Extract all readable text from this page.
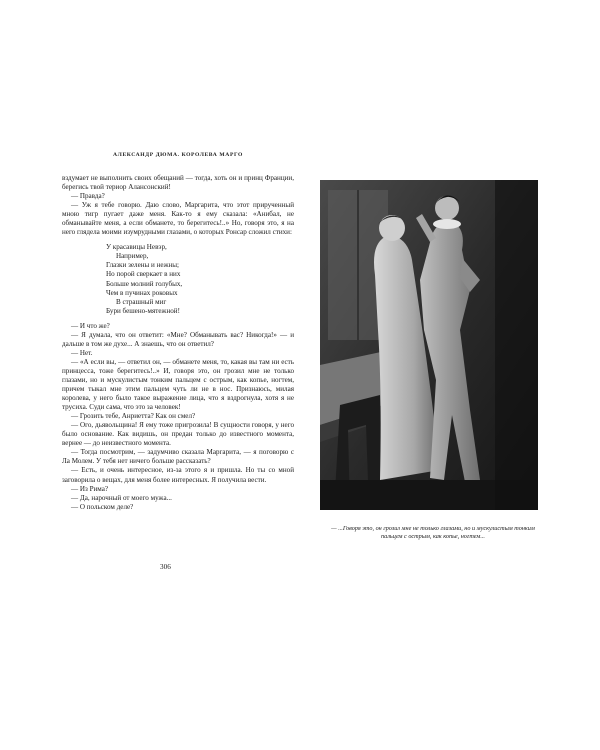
АЛЕКСАНДР ДЮМА. КОРОЛЕВА МАРГО

вздумает не выполнить своих обещаний — тогда, хоть он и принц Франции, берегись твой териор Алансонский!

— Правда?

— Уж я тебе говорю. Даю слово, Маргарита, что этот прирученный мною тигр пугает даже меня. Как-то я ему сказала: «Анибал, не обманывайте меня, а если обманете, то берегитесь!..» Но, говоря это, я на него глядела моими изумрудными глазами, о которых Ронсар сложил стихи:

У красавицы Невэр,
Например,
Глазки зелены и нежны;
Но порой сверкает в них
Больше молний голубых,
Чем в пучинах роковых
В страшный миг
Бури бешено-мятежной!

— И что же?

— Я думала, что он ответит: «Мне? Обманывать вас? Никогда!» — и дальше в том же духе... А знаешь, что он ответил?

— Нет.

— «А если вы, — ответил он, — обманете меня, то, какая вы там ни есть принцесса, тоже берегитесь!..» И, говоря это, он грозил мне не только глазами, но и мускулистым тонким пальцем с острым, как копье, ногтем, причем тыкал мне этим пальцем чуть ли не в нос. Признаюсь, милая королева, у него было такое выражение лица, что я вздрогнула, хотя я не трусиха. Суди сама, что это за человек!

— Грозить тебе, Анриетта? Как он смел?

— Ого, дьявольщина! Я ему тоже пригрозила! В сущности говоря, у него было основание. Как видишь, он предан только до известного момента, вернее — до неизвестного момента.

— Тогда посмотрим, — задумчиво сказала Маргарита, — я поговорю с Ла Молем. У тебя нет ничего больше рассказать?

— Есть, и очень интересное, из-за этого я и пришла. Но ты со мной заговорила о вещах, для меня более интересных. Я получила вести.

— Из Рима?

— Да, нарочный от моего мужа...

— О польском деле?

306
— ...Говоря это, он грозил мне не только глазами, но и мускулистым тонким пальцем с острым, как копье, ногтем...
